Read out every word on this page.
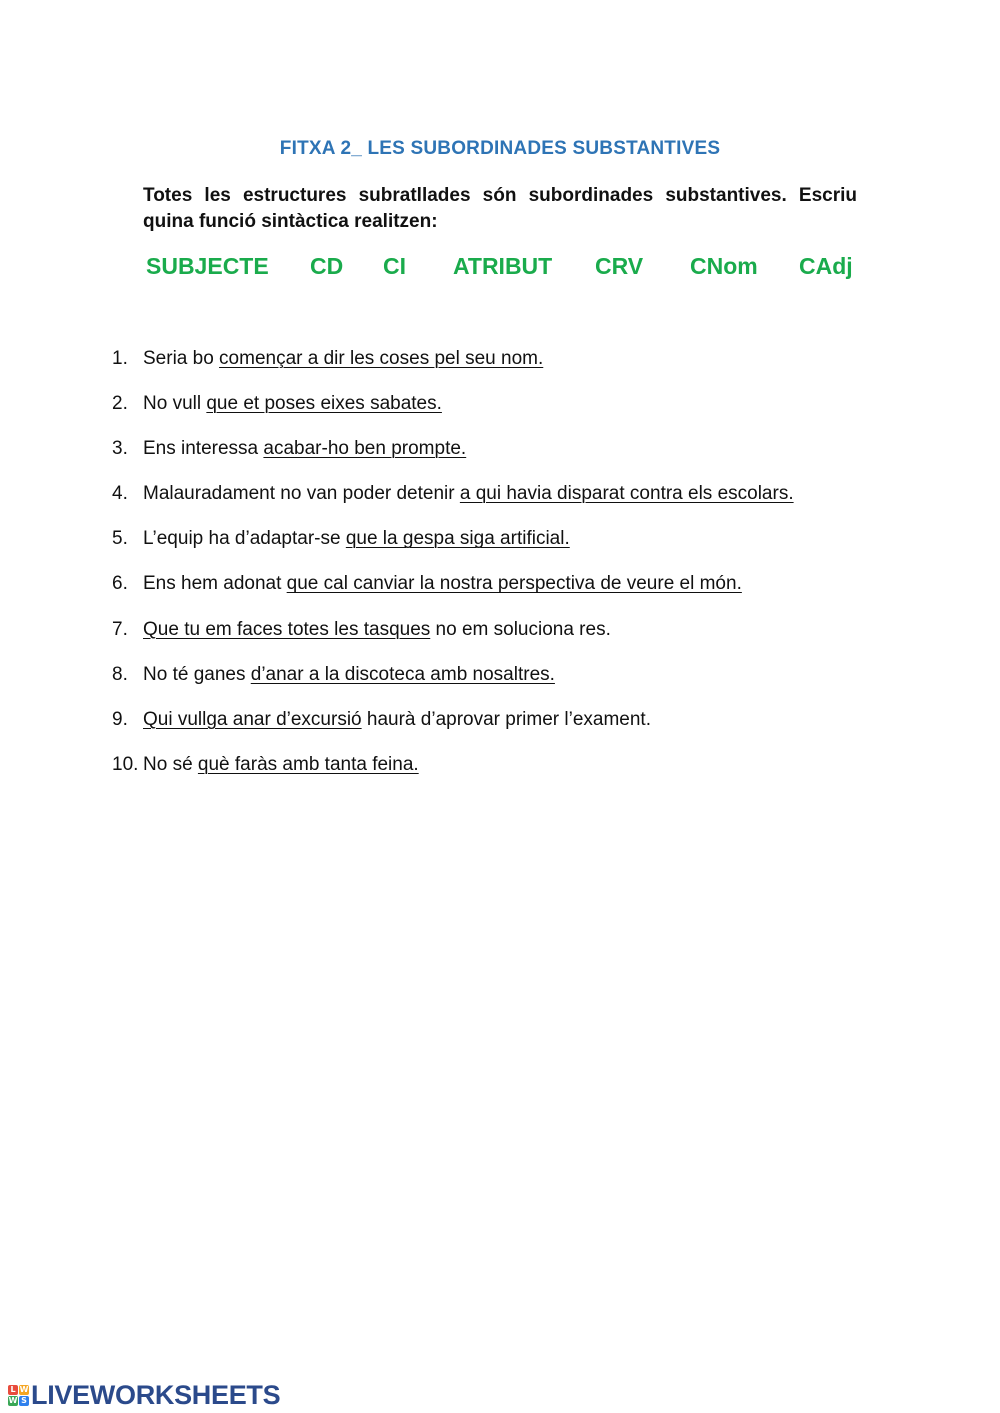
FITXA 2_ LES SUBORDINADES SUBSTANTIVES

Totes les estructures subratllades són subordinades substantives. Escriu quina funció sintàctica realitzen:

SUBJECTE CD CI ATRIBUT CRV CNom CAdj
1. Seria bo començar a dir les coses pel seu nom.
2. No vull que et poses eixes sabates.
3. Ens interessa acabar-ho ben prompte.
4. Malauradament no van poder detenir a qui havia disparat contra els escolars.
5. L’equip ha d’adaptar-se que la gespa siga artificial.
6. Ens hem adonat que cal canviar la nostra perspectiva de veure el món.
7. Que tu em faces totes les tasques no em soluciona res.
8. No té ganes d’anar a la discoteca amb nosaltres.
9. Qui vullga anar d’excursió haurà d’aprovar primer l’exament.
10. No sé què faràs amb tanta feina.
L W
W S LIVEWORKSHEETS
